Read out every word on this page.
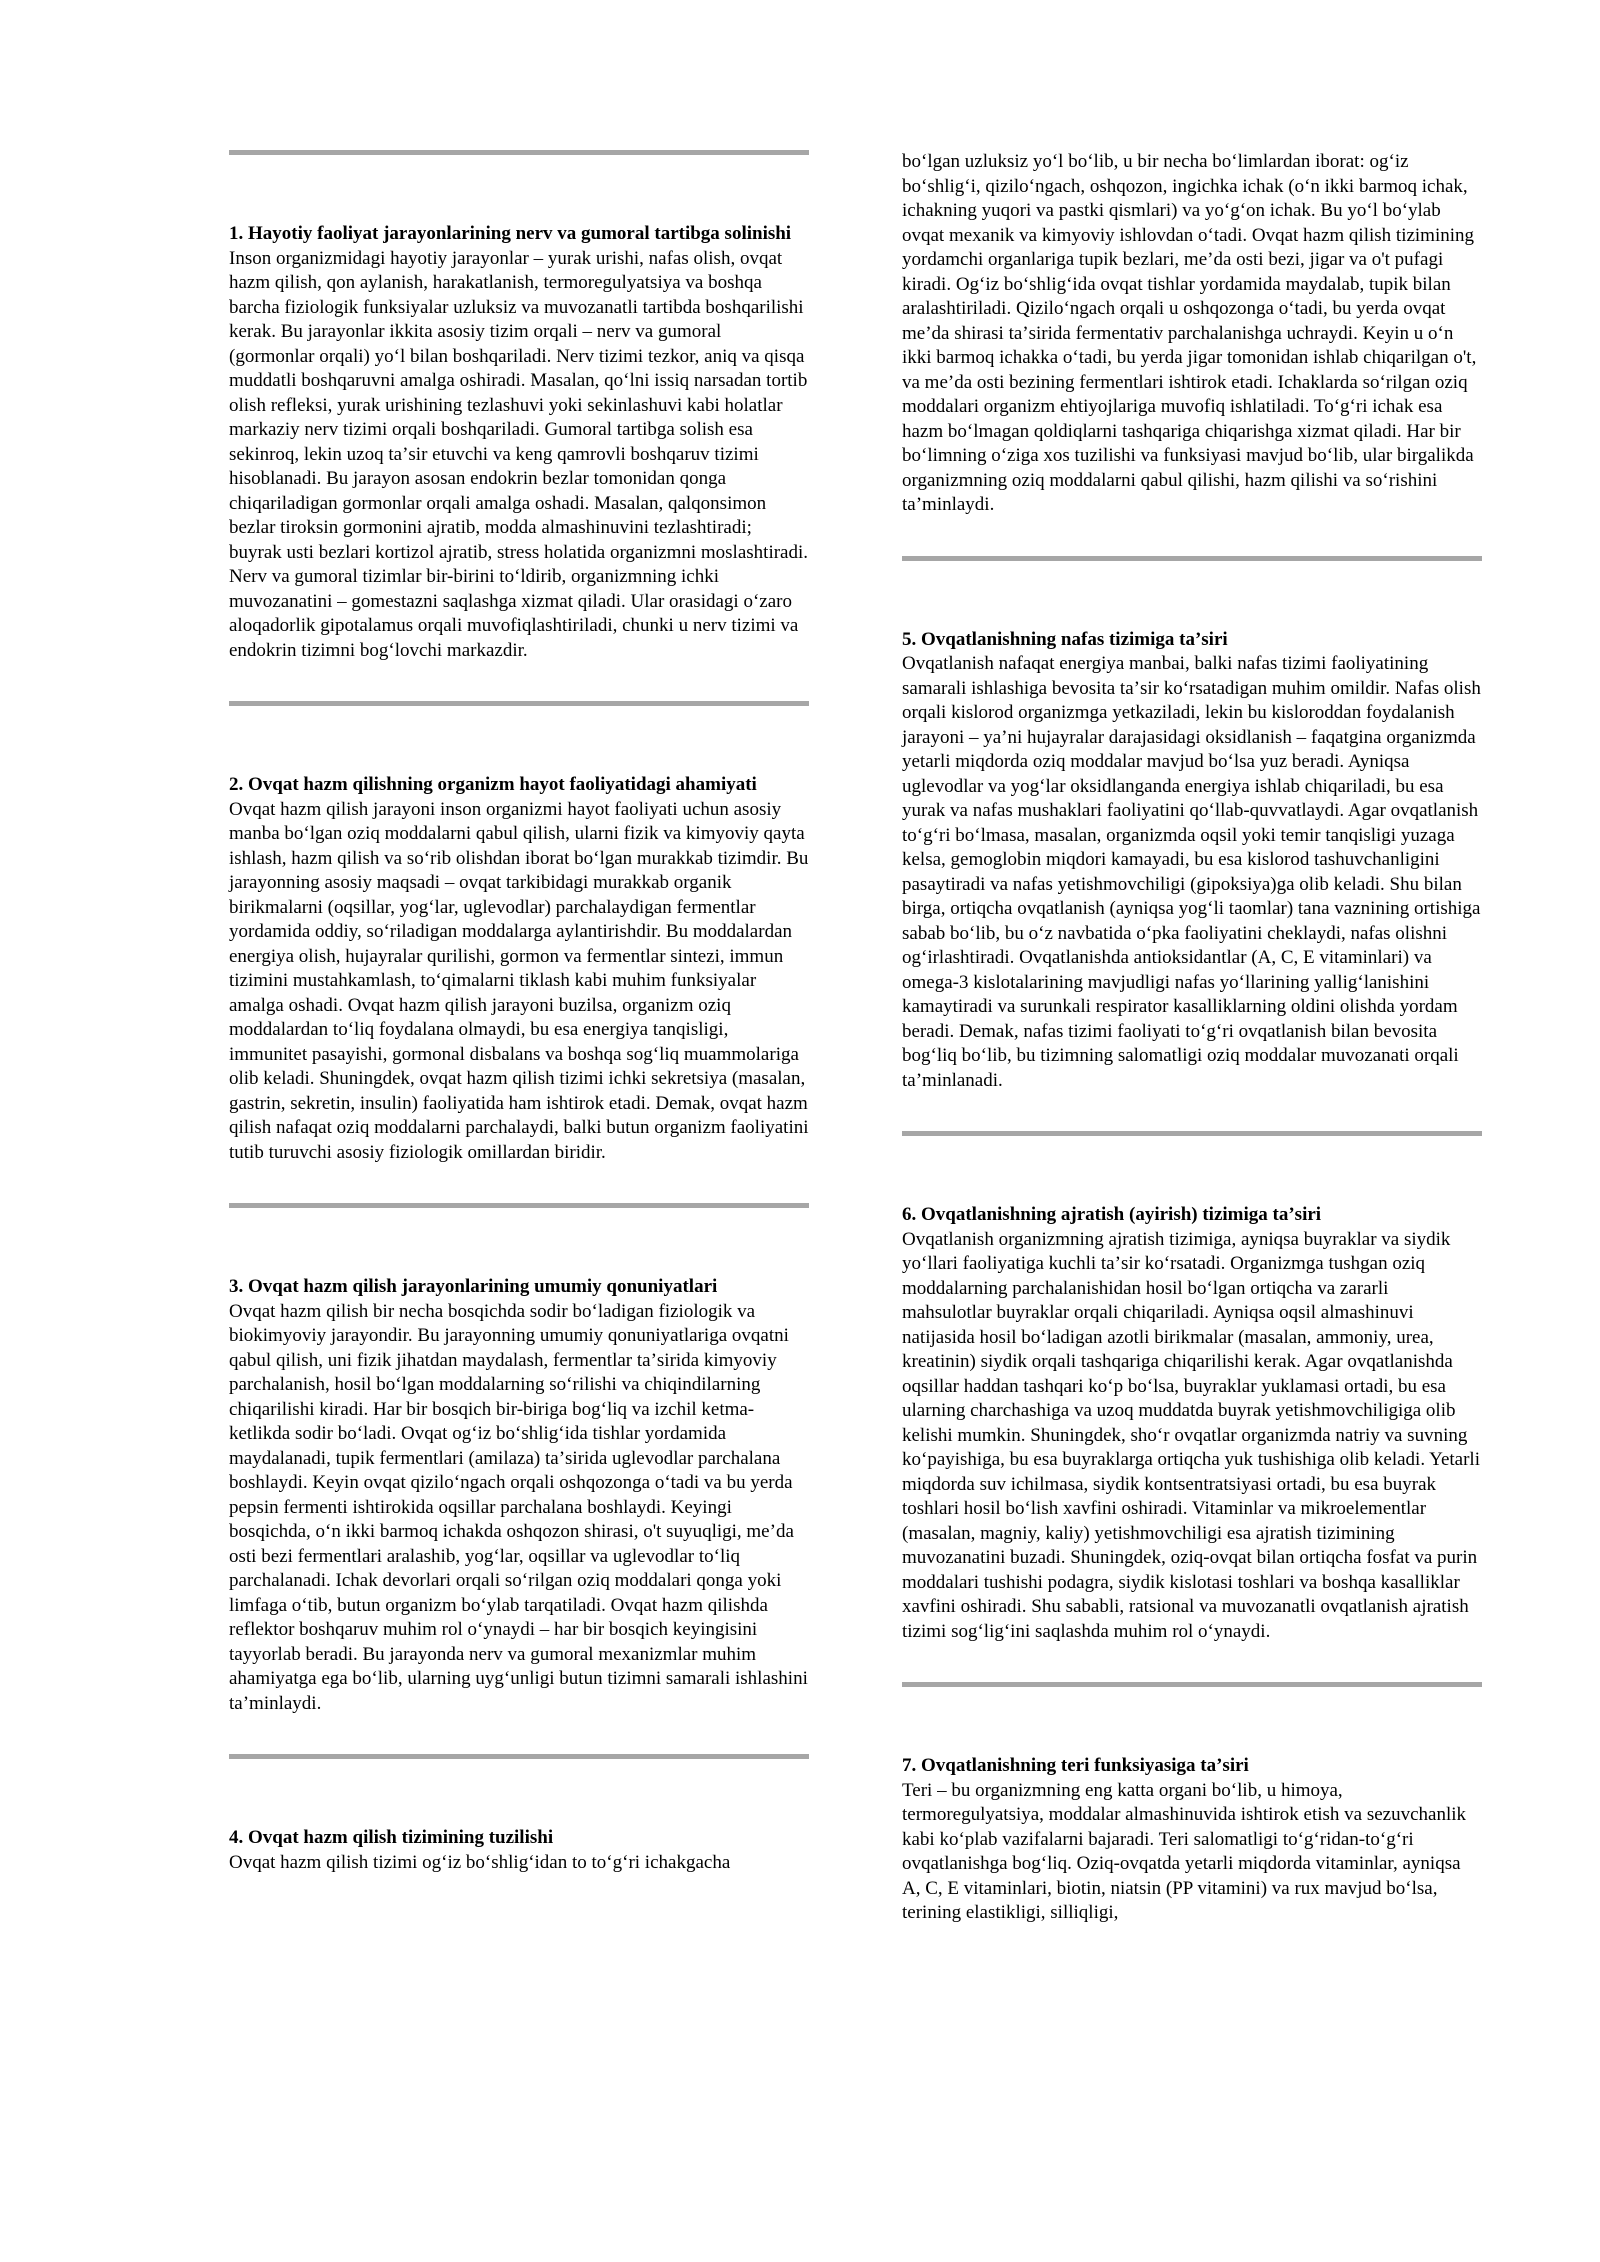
1. Hayotiy faoliyat jarayonlarining nerv va gumoral tartibga solinishi

Inson organizmidagi hayotiy jarayonlar – yurak urishi, nafas olish, ovqat hazm qilish, qon aylanish, harakatlanish, termoregulyatsiya va boshqa barcha fiziologik funksiyalar uzluksiz va muvozanatli tartibda boshqarilishi kerak. Bu jarayonlar ikkita asosiy tizim orqali – nerv va gumoral (gormonlar orqali) yoʻl bilan boshqariladi. Nerv tizimi tezkor, aniq va qisqa muddatli boshqaruvni amalga oshiradi. Masalan, qoʻlni issiq narsadan tortib olish refleksi, yurak urishining tezlashuvi yoki sekinlashuvi kabi holatlar markaziy nerv tizimi orqali boshqariladi. Gumoral tartibga solish esa sekinroq, lekin uzoq taʼsir etuvchi va keng qamrovli boshqaruv tizimi hisoblanadi. Bu jarayon asosan endokrin bezlar tomonidan qonga chiqariladigan gormonlar orqali amalga oshadi. Masalan, qalqonsimon bezlar tiroksin gormonini ajratib, modda almashinuvini tezlashtiradi; buyrak usti bezlari kortizol ajratib, stress holatida organizmni moslashtiradi. Nerv va gumoral tizimlar bir-birini toʻldirib, organizmning ichki muvozanatini – gomestazni saqlashga xizmat qiladi. Ular orasidagi oʻzaro aloqadorlik gipotalamus orqali muvofiqlashtiriladi, chunki u nerv tizimi va endokrin tizimni bogʻlovchi markazdir.

2. Ovqat hazm qilishning organizm hayot faoliyatidagi ahamiyati

Ovqat hazm qilish jarayoni inson organizmi hayot faoliyati uchun asosiy manba boʻlgan oziq moddalarni qabul qilish, ularni fizik va kimyoviy qayta ishlash, hazm qilish va soʻrib olishdan iborat boʻlgan murakkab tizimdir. Bu jarayonning asosiy maqsadi – ovqat tarkibidagi murakkab organik birikmalarni (oqsillar, yogʻlar, uglevodlar) parchalaydigan fermentlar yordamida oddiy, soʻriladigan moddalarga aylantirishdir. Bu moddalardan energiya olish, hujayralar qurilishi, gormon va fermentlar sintezi, immun tizimini mustahkamlash, toʻqimalarni tiklash kabi muhim funksiyalar amalga oshadi. Ovqat hazm qilish jarayoni buzilsa, organizm oziq moddalardan toʻliq foydalana olmaydi, bu esa energiya tanqisligi, immunitet pasayishi, gormonal disbalans va boshqa sogʻliq muammolariga olib keladi. Shuningdek, ovqat hazm qilish tizimi ichki sekretsiya (masalan, gastrin, sekretin, insulin) faoliyatida ham ishtirok etadi. Demak, ovqat hazm qilish nafaqat oziq moddalarni parchalaydi, balki butun organizm faoliyatini tutib turuvchi asosiy fiziologik omillardan biridir.

3. Ovqat hazm qilish jarayonlarining umumiy qonuniyatlari

Ovqat hazm qilish bir necha bosqichda sodir boʻladigan fiziologik va biokimyoviy jarayondir. Bu jarayonning umumiy qonuniyatlariga ovqatni qabul qilish, uni fizik jihatdan maydalash, fermentlar taʼsirida kimyoviy parchalanish, hosil boʻlgan moddalarning soʻrilishi va chiqindilarning chiqarilishi kiradi. Har bir bosqich bir-biriga bogʻliq va izchil ketma-ketlikda sodir boʻladi. Ovqat ogʻiz boʻshligʻida tishlar yordamida maydalanadi, tupik fermentlari (amilaza) taʼsirida uglevodlar parchalana boshlaydi. Keyin ovqat qiziloʻngach orqali oshqozonga oʻtadi va bu yerda pepsin fermenti ishtirokida oqsillar parchalana boshlaydi. Keyingi bosqichda, oʻn ikki barmoq ichakda oshqozon shirasi, o't suyuqligi, meʼda osti bezi fermentlari aralashib, yogʻlar, oqsillar va uglevodlar toʻliq parchalanadi. Ichak devorlari orqali soʻrilgan oziq moddalari qonga yoki limfaga oʻtib, butun organizm boʻylab tarqatiladi. Ovqat hazm qilishda reflektor boshqaruv muhim rol oʻynaydi – har bir bosqich keyingisini tayyorlab beradi. Bu jarayonda nerv va gumoral mexanizmlar muhim ahamiyatga ega boʻlib, ularning uygʻunligi butun tizimni samarali ishlashini taʼminlaydi.

4. Ovqat hazm qilish tizimining tuzilishi

Ovqat hazm qilish tizimi ogʻiz boʻshligʻidan to toʻgʻri ichakgacha

boʻlgan uzluksiz yoʻl boʻlib, u bir necha boʻlimlardan iborat: ogʻiz boʻshligʻi, qiziloʻngach, oshqozon, ingichka ichak (oʻn ikki barmoq ichak, ichakning yuqori va pastki qismlari) va yoʻgʻon ichak. Bu yoʻl boʻylab ovqat mexanik va kimyoviy ishlovdan oʻtadi. Ovqat hazm qilish tizimining yordamchi organlariga tupik bezlari, meʼda osti bezi, jigar va o't pufagi kiradi. Ogʻiz boʻshligʻida ovqat tishlar yordamida maydalab, tupik bilan aralashtiriladi. Qiziloʻngach orqali u oshqozonga oʻtadi, bu yerda ovqat meʼda shirasi taʼsirida fermentativ parchalanishga uchraydi. Keyin u oʻn ikki barmoq ichakka oʻtadi, bu yerda jigar tomonidan ishlab chiqarilgan o't, va meʼda osti bezining fermentlari ishtirok etadi. Ichaklarda soʻrilgan oziq moddalari organizm ehtiyojlariga muvofiq ishlatiladi. Toʻgʻri ichak esa hazm boʻlmagan qoldiqlarni tashqariga chiqarishga xizmat qiladi. Har bir boʻlimning oʻziga xos tuzilishi va funksiyasi mavjud boʻlib, ular birgalikda organizmning oziq moddalarni qabul qilishi, hazm qilishi va soʻrishini taʼminlaydi.

5. Ovqatlanishning nafas tizimiga taʼsiri

Ovqatlanish nafaqat energiya manbai, balki nafas tizimi faoliyatining samarali ishlashiga bevosita taʼsir koʻrsatadigan muhim omildir. Nafas olish orqali kislorod organizmga yetkaziladi, lekin bu kisloroddan foydalanish jarayoni – yaʼni hujayralar darajasidagi oksidlanish – faqatgina organizmda yetarli miqdorda oziq moddalar mavjud boʻlsa yuz beradi. Ayniqsa uglevodlar va yogʻlar oksidlanganda energiya ishlab chiqariladi, bu esa yurak va nafas mushaklari faoliyatini qoʻllab-quvvatlaydi. Agar ovqatlanish toʻgʻri boʻlmasa, masalan, organizmda oqsil yoki temir tanqisligi yuzaga kelsa, gemoglobin miqdori kamayadi, bu esa kislorod tashuvchanligini pasaytiradi va nafas yetishmovchiligi (gipoksiya)ga olib keladi. Shu bilan birga, ortiqcha ovqatlanish (ayniqsa yogʻli taomlar) tana vaznining ortishiga sabab boʻlib, bu oʻz navbatida oʻpka faoliyatini cheklaydi, nafas olishni ogʻirlashtiradi. Ovqatlanishda antioksidantlar (A, C, E vitaminlari) va omega-3 kislotalarining mavjudligi nafas yoʻllarining yalligʻlanishini kamaytiradi va surunkali respirator kasalliklarning oldini olishda yordam beradi. Demak, nafas tizimi faoliyati toʻgʻri ovqatlanish bilan bevosita bogʻliq boʻlib, bu tizimning salomatligi oziq moddalar muvozanati orqali taʼminlanadi.

6. Ovqatlanishning ajratish (ayirish) tizimiga taʼsiri

Ovqatlanish organizmning ajratish tizimiga, ayniqsa buyraklar va siydik yoʻllari faoliyatiga kuchli taʼsir koʻrsatadi. Organizmga tushgan oziq moddalarning parchalanishidan hosil boʻlgan ortiqcha va zararli mahsulotlar buyraklar orqali chiqariladi. Ayniqsa oqsil almashinuvi natijasida hosil boʻladigan azotli birikmalar (masalan, ammoniy, urea, kreatinin) siydik orqali tashqariga chiqarilishi kerak. Agar ovqatlanishda oqsillar haddan tashqari koʻp boʻlsa, buyraklar yuklamasi ortadi, bu esa ularning charchashiga va uzoq muddatda buyrak yetishmovchiligiga olib kelishi mumkin. Shuningdek, shoʻr ovqatlar organizmda natriy va suvning koʻpayishiga, bu esa buyraklarga ortiqcha yuk tushishiga olib keladi. Yetarli miqdorda suv ichilmasa, siydik kontsentratsiyasi ortadi, bu esa buyrak toshlari hosil boʻlish xavfini oshiradi. Vitaminlar va mikroelementlar (masalan, magniy, kaliy) yetishmovchiligi esa ajratish tizimining muvozanatini buzadi. Shuningdek, oziq-ovqat bilan ortiqcha fosfat va purin moddalari tushishi podagra, siydik kislotasi toshlari va boshqa kasalliklar xavfini oshiradi. Shu sababli, ratsional va muvozanatli ovqatlanish ajratish tizimi sogʻligʻini saqlashda muhim rol oʻynaydi.

7. Ovqatlanishning teri funksiyasiga taʼsiri

Teri – bu organizmning eng katta organi boʻlib, u himoya, termoregulyatsiya, moddalar almashinuvida ishtirok etish va sezuvchanlik kabi koʻplab vazifalarni bajaradi. Teri salomatligi toʻgʻridan-toʻgʻri ovqatlanishga bogʻliq. Oziq-ovqatda yetarli miqdorda vitaminlar, ayniqsa A, C, E vitaminlari, biotin, niatsin (PP vitamini) va rux mavjud boʻlsa, terining elastikligi, silliqligi,
